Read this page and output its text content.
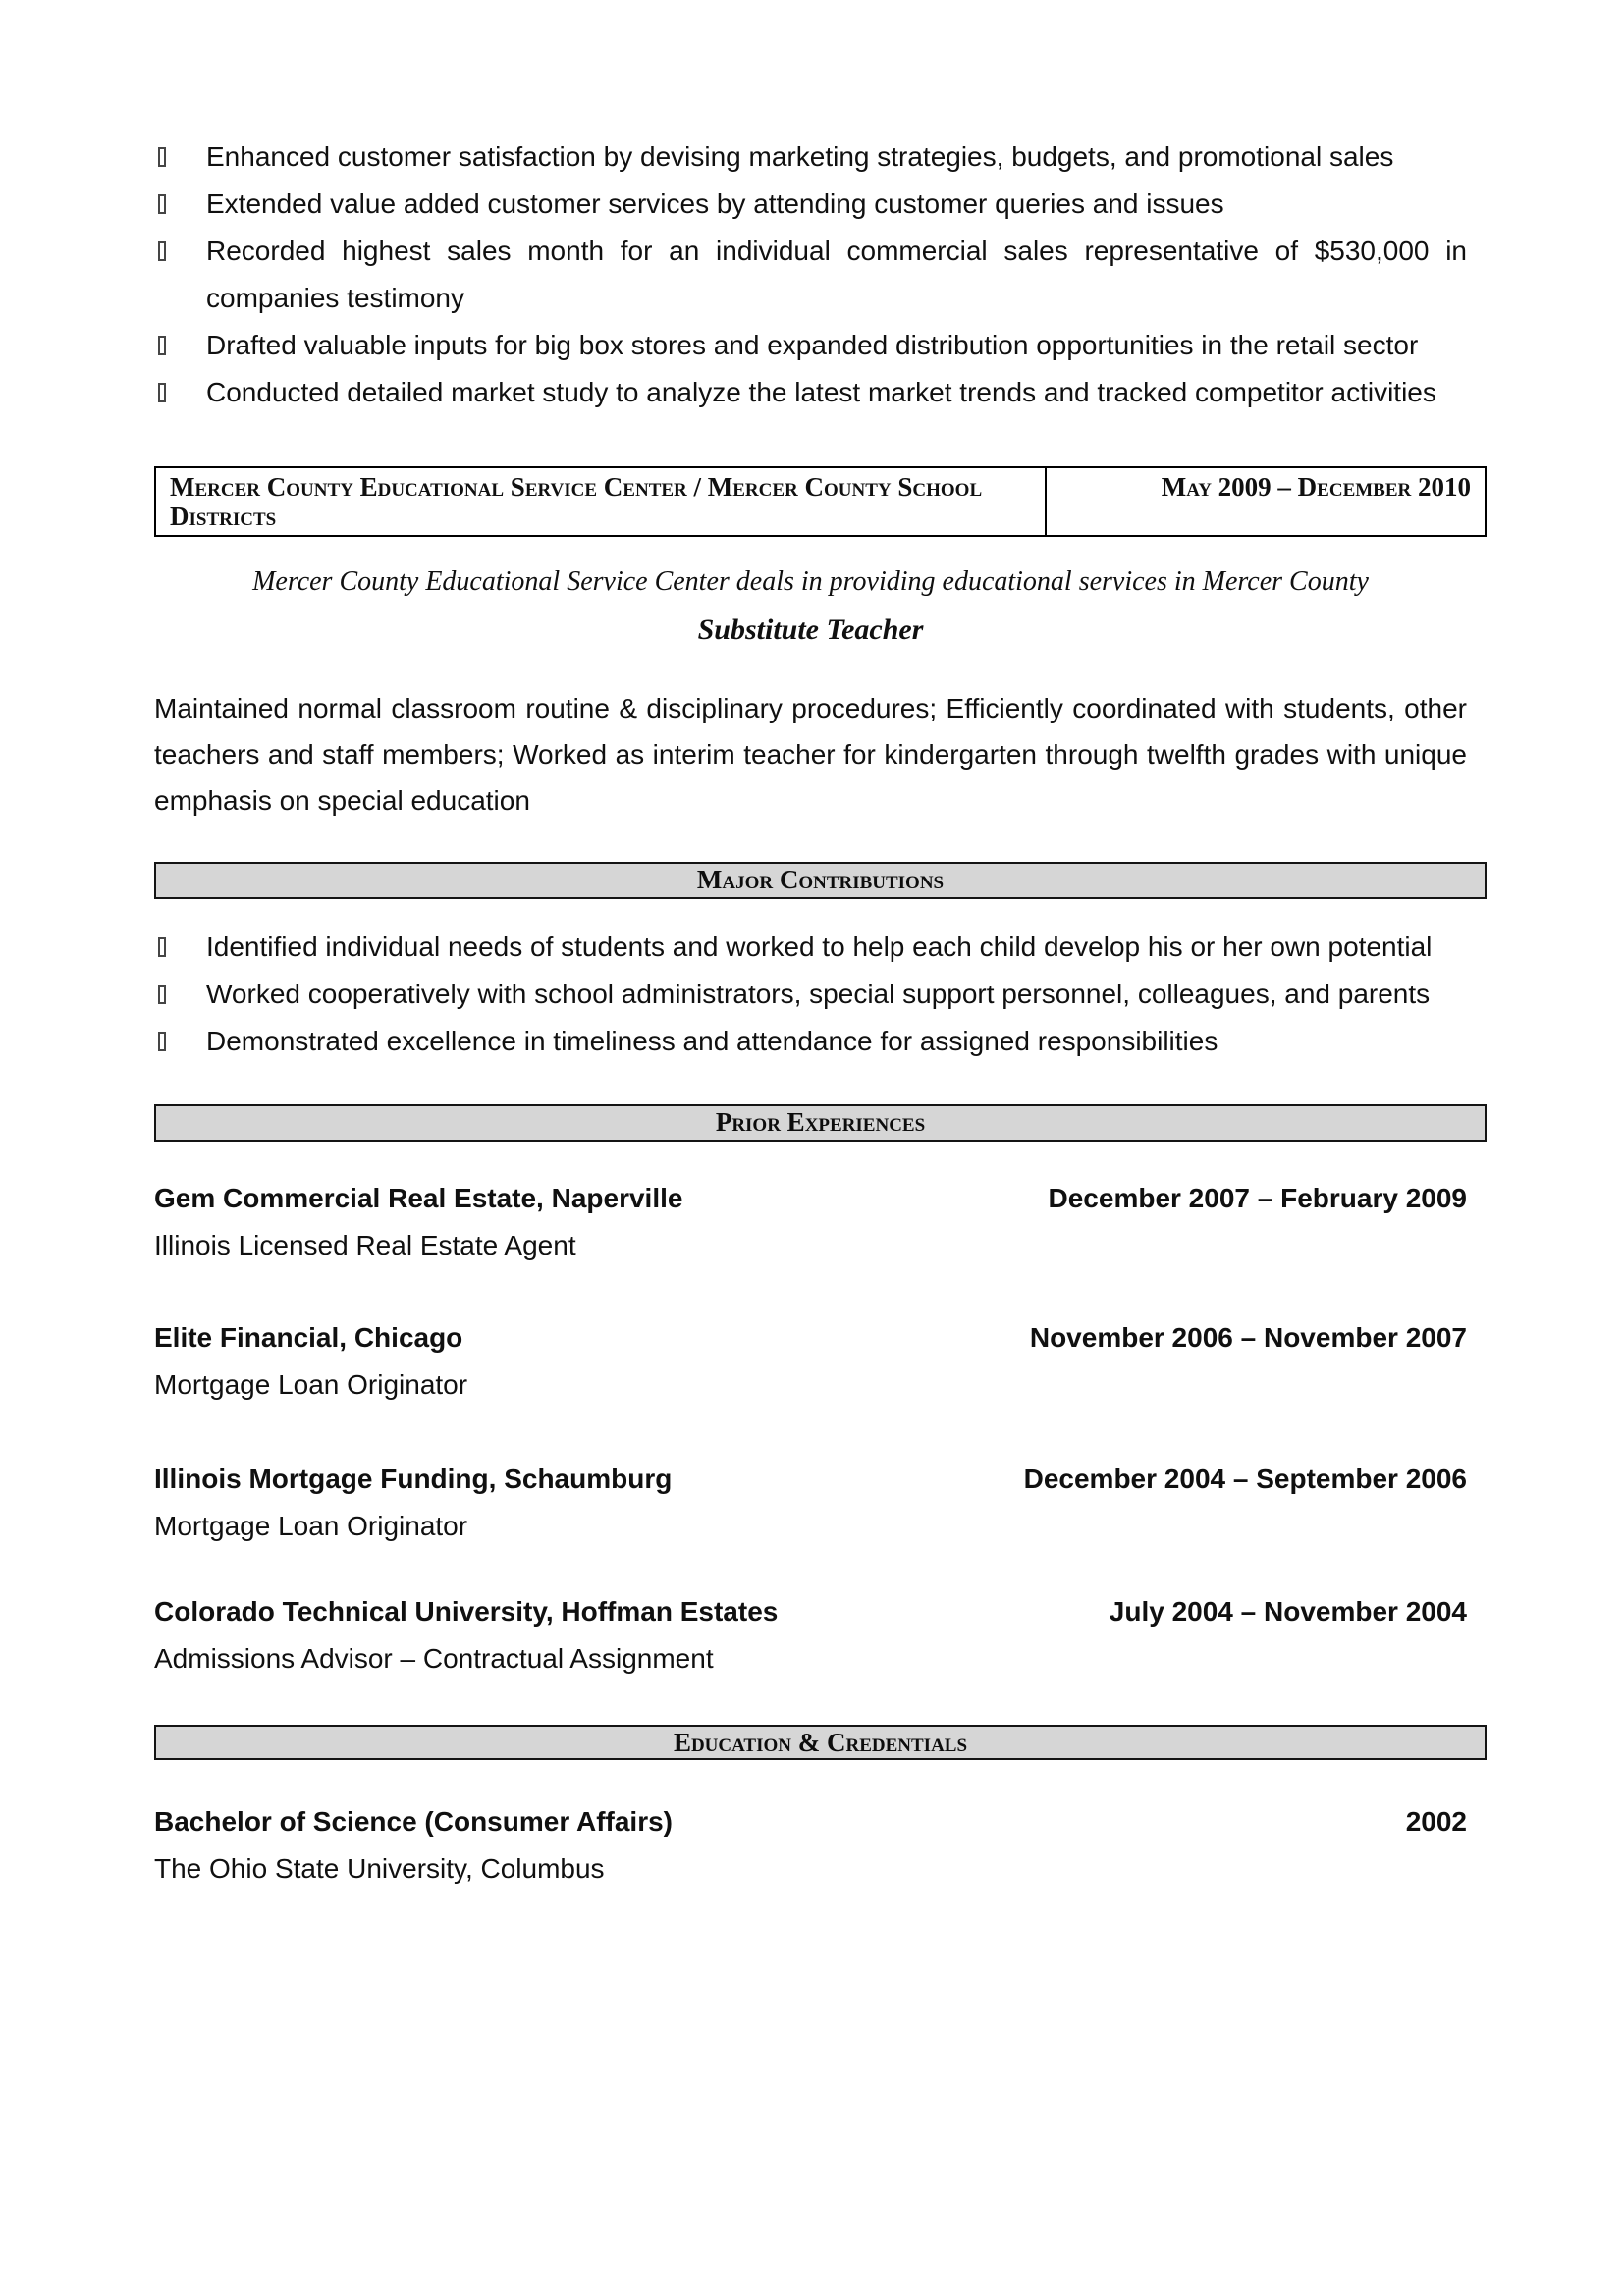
Enhanced customer satisfaction by devising marketing strategies, budgets, and promotional sales
Extended value added customer services by attending customer queries and issues
Recorded highest sales month for an individual commercial sales representative of $530,000 in companies testimony
Drafted valuable inputs for big box stores and expanded distribution opportunities in the retail sector
Conducted detailed market study to analyze the latest market trends and tracked competitor activities
Mercer County Educational Service Center / Mercer County School Districts	May 2009 – December 2010
Mercer County Educational Service Center deals in providing educational services in Mercer County
Substitute Teacher
Maintained normal classroom routine & disciplinary procedures; Efficiently coordinated with students, other teachers and staff members; Worked as interim teacher for kindergarten through twelfth grades with unique emphasis on special education
Major Contributions
Identified individual needs of students and worked to help each child develop his or her own potential
Worked cooperatively with school administrators, special support personnel, colleagues, and parents
Demonstrated excellence in timeliness and attendance for assigned responsibilities
Prior Experiences
Gem Commercial Real Estate, Naperville	December 2007 – February 2009
Illinois Licensed Real Estate Agent
Elite Financial, Chicago	November 2006 – November 2007
Mortgage Loan Originator
Illinois Mortgage Funding, Schaumburg	December 2004 – September 2006
Mortgage Loan Originator
Colorado Technical University, Hoffman Estates	July 2004 – November 2004
Admissions Advisor – Contractual Assignment
Education & Credentials
Bachelor of Science (Consumer Affairs)	2002
The Ohio State University, Columbus
